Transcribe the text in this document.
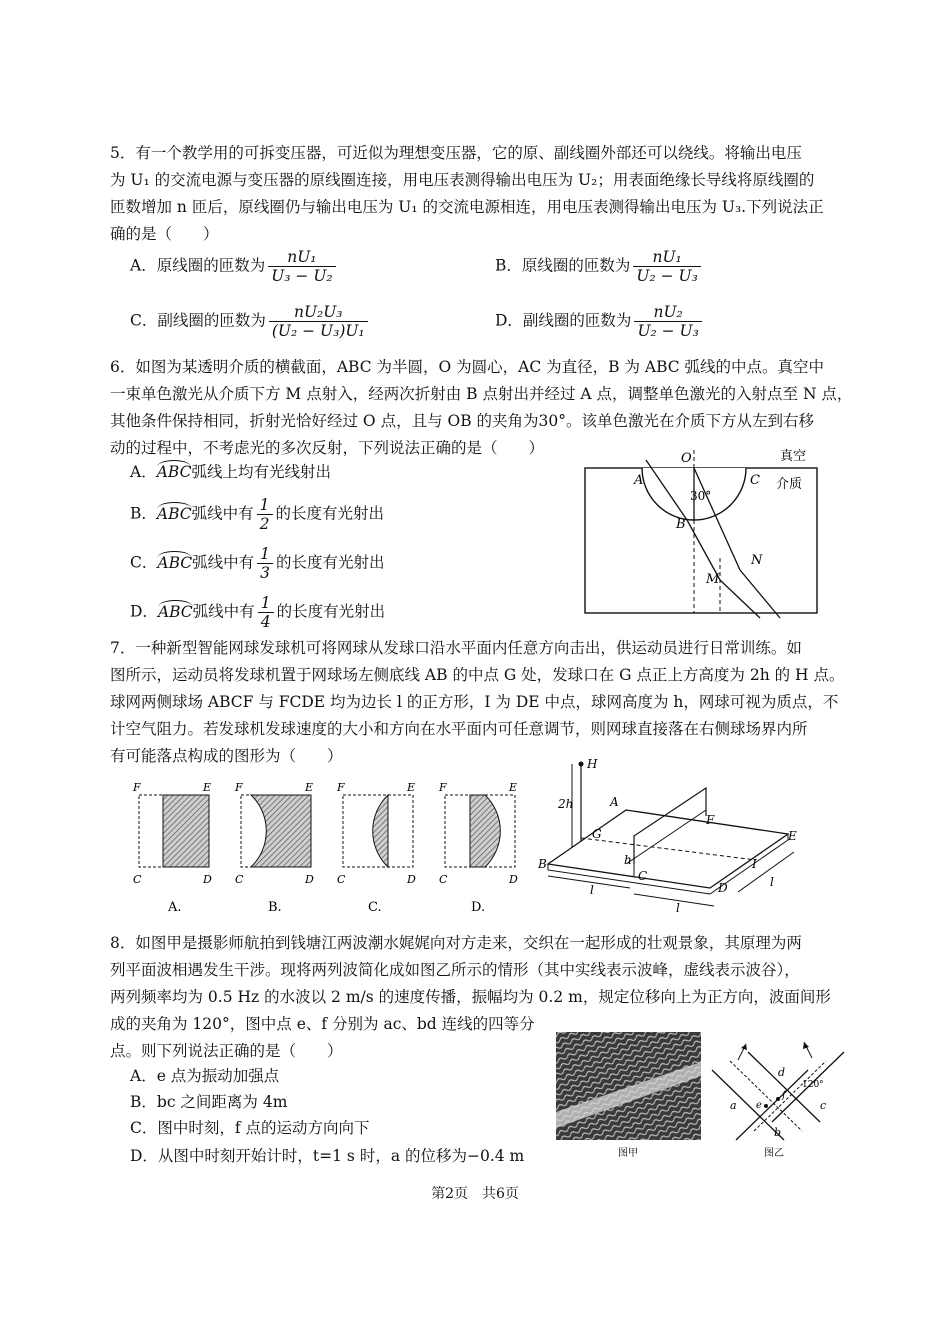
5．有一个教学用的可拆变压器，可近似为理想变压器，它的原、副线圈外部还可以绕线。将输出电压
为 U₁ 的交流电源与变压器的原线圈连接，用电压表测得输出电压为 U₂；用表面绝缘长导线将原线圈的
匝数增加 n 匝后，原线圈仍与输出电压为 U₁ 的交流电源相连，用电压表测得输出电压为 U₃.下列说法正
确的是（　　）
A．原线圈的匝数为 $\frac{\text{nU₁}}{\text{U₃ − U₂}}$	B．原线圈的匝数为 $\frac{\text{nU₁}}{\text{U₂ − U₃}}$
C．副线圈的匝数为 $\frac{\text{nU₂U₃}}{\text{(U₂ − U₃)U₁}}$	D．副线圈的匝数为 $\frac{\text{nU₂}}{\text{U₂ − U₃}}$
6．如图为某透明介质的横截面，ABC 为半圆，O 为圆心，AC 为直径，B 为 ABC 弧线的中点。真空中
一束单色激光从介质下方 M 点射入，经两次折射由 B 点射出并经过 A 点，调整单色激光的入射点至 N 点，
其他条件保持相同，折射光恰好经过 O 点，且与 OB 的夹角为30°。该单色激光在介质下方从左到右移
动的过程中，不考虑光的多次反射，下列说法正确的是（　　）
A．ABC弧线上均有光线射出
B．ABC弧线中有 $\frac{1}{2}$ 的长度有光射出
C．ABC弧线中有 $\frac{1}{3}$ 的长度有光射出
D．ABC弧线中有 $\frac{1}{4}$ 的长度有光射出
O
A	C
B
M
N
30°
真空
介质
7．一种新型智能网球发球机可将网球从发球口沿水平面内任意方向击出，供运动员进行日常训练。如
图所示，运动员将发球机置于网球场左侧底线 AB 的中点 G 处，发球口在 G 点正上方高度为 2h 的 H 点。
球网两侧球场 ABCF 与 FCDE 均为边长 l 的正方形，I 为 DE 中点，球网高度为 h，网球可视为质点，不
计空气阻力。若发球机发球速度的大小和方向在水平面内可任意调节，则网球直接落在右侧球场界内所
有可能落点构成的图形为（　　）
F	E
C	D
A.
F	E
C	D
B.
F	E
C	D
C.
F	E
C	D
D.
H
2h	A
G
F
E
B	h
C
I
D
l
l
l
8．如图甲是摄影师航拍到钱塘江两波潮水娓娓向对方走来，交织在一起形成的壮观景象，其原理为两
列平面波相遇发生干涉。现将两列波简化成如图乙所示的情形（其中实线表示波峰，虚线表示波谷），
两列频率均为 0.5 Hz 的水波以 2 m/s 的速度传播，振幅均为 0.2 m，规定位移向上为正方向，波面间形
成的夹角为 120°，图中点 e、f 分别为 ac、bd 连线的四等分
点。则下列说法正确的是（　　）
A．e 点为振动加强点
B．bc 之间距离为 4m
C．图中时刻，f 点的运动方向向下
D．从图中时刻开始计时，t=1 s 时，a 的位移为−0.4 m	图甲
a
b
c
d
e
f
120°
图乙
第2页　共6页
